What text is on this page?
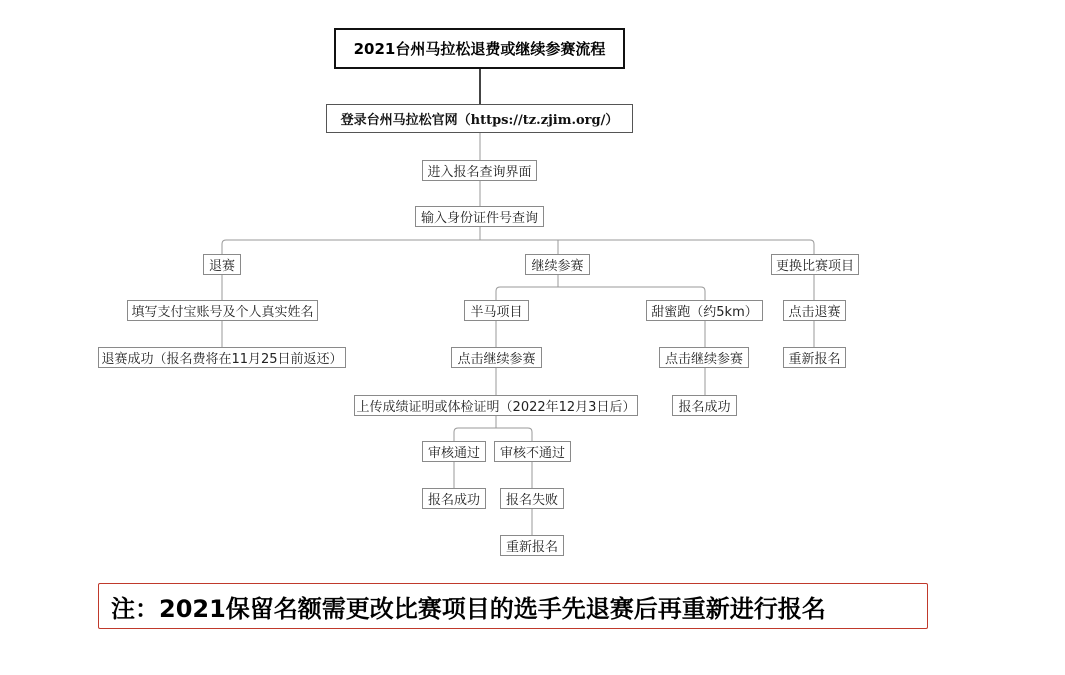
2021台州马拉松退费或继续参赛流程
登录台州马拉松官网（https://tz.zjim.org/）
进入报名查询界面
输入身份证件号查询
退赛
填写支付宝账号及个人真实姓名
退赛成功（报名费将在11月25日前返还）
继续参赛
半马项目
点击继续参赛
上传成绩证明或体检证明（2022年12月3日后）
审核通过	审核不通过
报名成功	报名失败
重新报名
甜蜜跑（约5km）
点击继续参赛
报名成功
更换比赛项目
点击退赛
重新报名
注：2021保留名额需更改比赛项目的选手先退赛后再重新进行报名
